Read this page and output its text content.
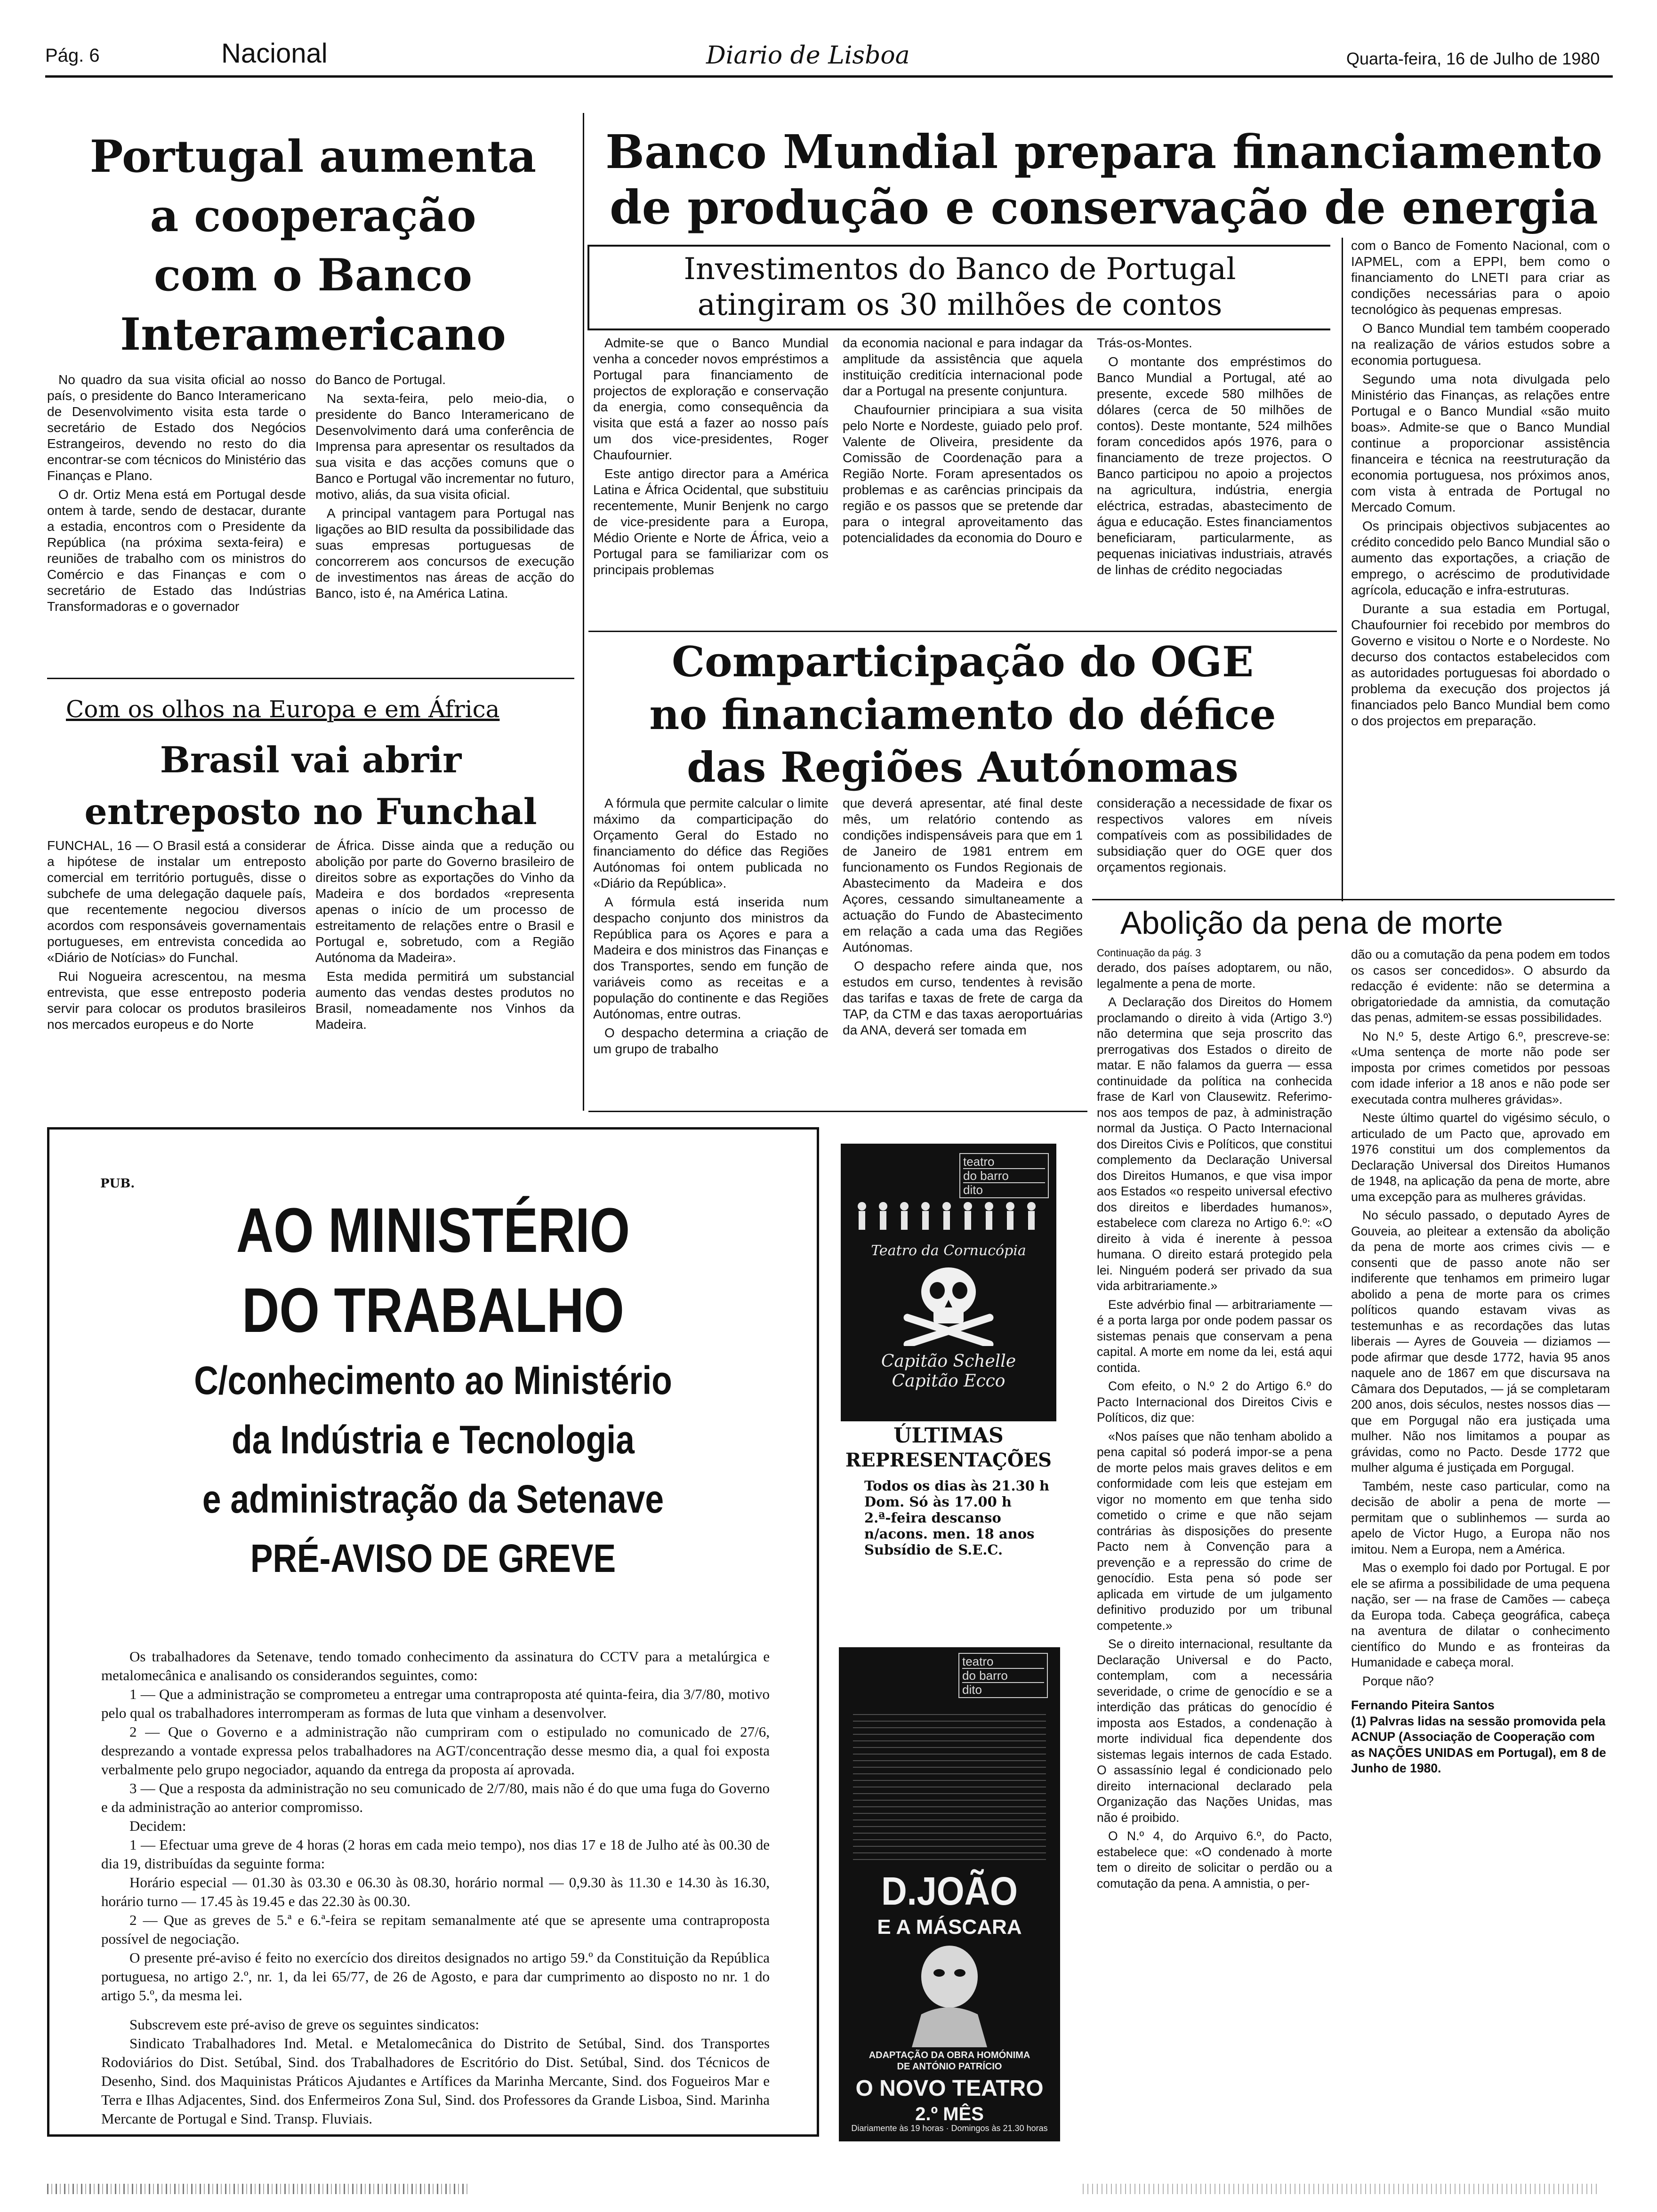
Pág. 6	Nacional	Diario de Lisboa	Quarta-feira, 16 de Julho de 1980
Portugal aumenta
a cooperação
com o Banco
Interamericano

No quadro da sua visita oficial ao nosso país, o presidente do Banco Interamericano de Desenvolvimento visita esta tarde o secretário de Estado dos Negócios Estrangeiros, devendo no resto do dia encontrar-se com técnicos do Ministério das Finanças e Plano.

O dr. Ortiz Mena está em Portugal desde ontem à tarde, sendo de destacar, durante a estadia, encontros com o Presidente da República (na próxima sexta-feira) e reuniões de trabalho com os ministros do Comércio e das Finanças e com o secretário de Estado das Indústrias Transformadoras e o governador

do Banco de Portugal.

Na sexta-feira, pelo meio-dia, o presidente do Banco Interamericano de Desenvolvimento dará uma conferência de Imprensa para apresentar os resultados da sua visita e das acções comuns que o Banco e Portugal vão incrementar no futuro, motivo, aliás, da sua visita oficial.

A principal vantagem para Portugal nas ligações ao BID resulta da possibilidade das suas empresas portuguesas de concorrerem aos concursos de execução de investimentos nas áreas de acção do Banco, isto é, na América Latina.

Com os olhos na Europa e em África
Brasil vai abrir
entreposto no Funchal

FUNCHAL, 16 — O Brasil está a considerar a hipótese de instalar um entreposto comercial em território português, disse o subchefe de uma delegação daquele país, que recentemente negociou diversos acordos com responsáveis governamentais portugueses, em entrevista concedida ao «Diário de Notícias» do Funchal.

Rui Nogueira acrescentou, na mesma entrevista, que esse entreposto poderia servir para colocar os produtos brasileiros nos mercados europeus e do Norte

de África. Disse ainda que a redução ou abolição por parte do Governo brasileiro de direitos sobre as exportações do Vinho da Madeira e dos bordados «representa apenas o início de um processo de estreitamento de relações entre o Brasil e Portugal e, sobretudo, com a Região Autónoma da Madeira».

Esta medida permitirá um substancial aumento das vendas destes produtos no Brasil, nomeadamente nos Vinhos da Madeira.

Banco Mundial prepara financiamento
de produção e conservação de energia
Investimentos do Banco de Portugal
atingiram os 30 milhões de contos

Admite-se que o Banco Mundial venha a conceder novos empréstimos a Portugal para financiamento de projectos de exploração e conservação da energia, como consequência da visita que está a fazer ao nosso país um dos vice-presidentes, Roger Chaufournier.

Este antigo director para a América Latina e África Ocidental, que substituiu recentemente, Munir Benjenk no cargo de vice-presidente para a Europa, Médio Oriente e Norte de África, veio a Portugal para se familiarizar com os principais problemas

da economia nacional e para indagar da amplitude da assistência que aquela instituição creditícia internacional pode dar a Portugal na presente conjuntura.

Chaufournier principiara a sua visita pelo Norte e Nordeste, guiado pelo prof. Valente de Oliveira, presidente da Comissão de Coordenação para a Região Norte. Foram apresentados os problemas e as carências principais da região e os passos que se pretende dar para o integral aproveitamento das potencialidades da economia do Douro e

Trás-os-Montes.

O montante dos empréstimos do Banco Mundial a Portugal, até ao presente, excede 580 milhões de dólares (cerca de 50 milhões de contos). Deste montante, 524 milhões foram concedidos após 1976, para o financiamento de treze projectos. O Banco participou no apoio a projectos na agricultura, indústria, energia eléctrica, estradas, abastecimento de água e educação. Estes financiamentos beneficiaram, particularmente, as pequenas iniciativas industriais, através de linhas de crédito negociadas

com o Banco de Fomento Nacional, com o IAPMEL, com a EPPI, bem como o financiamento do LNETI para criar as condições necessárias para o apoio tecnológico às pequenas empresas.

O Banco Mundial tem também cooperado na realização de vários estudos sobre a economia portuguesa.

Segundo uma nota divulgada pelo Ministério das Finanças, as relações entre Portugal e o Banco Mundial «são muito boas». Admite-se que o Banco Mundial continue a proporcionar assistência financeira e técnica na reestruturação da economia portuguesa, nos próximos anos, com vista à entrada de Portugal no Mercado Comum.

Os principais objectivos subjacentes ao crédito concedido pelo Banco Mundial são o aumento das exportações, a criação de emprego, o acréscimo de produtividade agrícola, educação e infra-estruturas.

Durante a sua estadia em Portugal, Chaufournier foi recebido por membros do Governo e visitou o Norte e o Nordeste. No decurso dos contactos estabelecidos com as autoridades portuguesas foi abordado o problema da execução dos projectos já financiados pelo Banco Mundial bem como o dos projectos em preparação.

Comparticipação do OGE
no financiamento do défice
das Regiões Autónomas

A fórmula que permite calcular o limite máximo da comparticipação do Orçamento Geral do Estado no financiamento do défice das Regiões Autónomas foi ontem publicada no «Diário da República».

A fórmula está inserida num despacho conjunto dos ministros da República para os Açores e para a Madeira e dos ministros das Finanças e dos Transportes, sendo em função de variáveis como as receitas e a população do continente e das Regiões Autónomas, entre outras.

O despacho determina a criação de um grupo de trabalho

que deverá apresentar, até final deste mês, um relatório contendo as condições indispensáveis para que em 1 de Janeiro de 1981 entrem em funcionamento os Fundos Regionais de Abastecimento da Madeira e dos Açores, cessando simultaneamente a actuação do Fundo de Abastecimento em relação a cada uma das Regiões Autónomas.

O despacho refere ainda que, nos estudos em curso, tendentes à revisão das tarifas e taxas de frete de carga da TAP, da CTM e das taxas aeroportuárias da ANA, deverá ser tomada em

consideração a necessidade de fixar os respectivos valores em níveis compatíveis com as possibilidades de subsidiação quer do OGE quer dos orçamentos regionais.

Abolição da pena de morte
Continuação da pág. 3

derado, dos países adoptarem, ou não, legalmente a pena de morte.

A Declaração dos Direitos do Homem proclamando o direito à vida (Artigo 3.º) não determina que seja proscrito das prerrogativas dos Estados o direito de matar. E não falamos da guerra — essa continuidade da política na conhecida frase de Karl von Clausewitz. Referimo-nos aos tempos de paz, à administração normal da Justiça. O Pacto Internacional dos Direitos Civis e Políticos, que constitui complemento da Declaração Universal dos Direitos Humanos, e que visa impor aos Estados «o respeito universal efectivo dos direitos e liberdades humanos», estabelece com clareza no Artigo 6.º: «O direito à vida é inerente à pessoa humana. O direito estará protegido pela lei. Ninguém poderá ser privado da sua vida arbitrariamente.»

Este advérbio final — arbitrariamente — é a porta larga por onde podem passar os sistemas penais que conservam a pena capital. A morte em nome da lei, está aqui contida.

Com efeito, o N.º 2 do Artigo 6.º do Pacto Internacional dos Direitos Civis e Políticos, diz que:

«Nos países que não tenham abolido a pena capital só poderá impor-se a pena de morte pelos mais graves delitos e em conformidade com leis que estejam em vigor no momento em que tenha sido cometido o crime e que não sejam contrárias às disposições do presente Pacto nem à Convenção para a prevenção e a repressão do crime de genocídio. Esta pena só pode ser aplicada em virtude de um julgamento definitivo produzido por um tribunal competente.»

Se o direito internacional, resultante da Declaração Universal e do Pacto, contemplam, com a necessária severidade, o crime de genocídio e se a interdição das práticas do genocídio é imposta aos Estados, a condenação à morte individual fica dependente dos sistemas legais internos de cada Estado. O assassínio legal é condicionado pelo direito internacional declarado pela Organização das Nações Unidas, mas não é proibido.

O N.º 4, do Arquivo 6.º, do Pacto, estabelece que: «O condenado à morte tem o direito de solicitar o perdão ou a comutação da pena. A amnistia, o per-

dão ou a comutação da pena podem em todos os casos ser concedidos». O absurdo da redacção é evidente: não se determina a obrigatoriedade da amnistia, da comutação das penas, admitem-se essas possibilidades.

No N.º 5, deste Artigo 6.º, prescreve-se: «Uma sentença de morte não pode ser imposta por crimes cometidos por pessoas com idade inferior a 18 anos e não pode ser executada contra mulheres grávidas».

Neste último quartel do vigésimo século, o articulado de um Pacto que, aprovado em 1976 constitui um dos complementos da Declaração Universal dos Direitos Humanos de 1948, na aplicação da pena de morte, abre uma excepção para as mulheres grávidas.

No século passado, o deputado Ayres de Gouveia, ao pleitear a extensão da abolição da pena de morte aos crimes civis — e consenti que de passo anote não ser indiferente que tenhamos em primeiro lugar abolido a pena de morte para os crimes políticos quando estavam vivas as testemunhas e as recordações das lutas liberais — Ayres de Gouveia — diziamos — pode afirmar que desde 1772, havia 95 anos naquele ano de 1867 em que discursava na Câmara dos Deputados, — já se completaram 200 anos, dois séculos, nestes nossos dias — que em Porgugal não era justiçada uma mulher. Não nos limitamos a poupar as grávidas, como no Pacto. Desde 1772 que mulher alguma é justiçada em Porgugal.

Também, neste caso particular, como na decisão de abolir a pena de morte — permitam que o sublinhemos — surda ao apelo de Victor Hugo, a Europa não nos imitou. Nem a Europa, nem a América.

Mas o exemplo foi dado por Portugal. E por ele se afirma a possibilidade de uma pequena nação, ser — na frase de Camões — cabeça da Europa toda. Cabeça geográfica, cabeça na aventura de dilatar o conhecimento científico do Mundo e as fronteiras da Humanidade e cabeça moral.

Porque não?

Fernando Piteira Santos
(1) Palvras lidas na sessão promovida pela ACNUP (Associação de Cooperação com as NAÇÕES UNIDAS em Portugal), em 8 de Junho de 1980.
PUB.
AO MINISTÉRIO
DO TRABALHO
C/conhecimento ao Ministério
da Indústria e Tecnologia
e administração da Setenave
PRÉ-AVISO DE GREVE

Os trabalhadores da Setenave, tendo tomado conhecimento da assinatura do CCTV para a metalúrgica e metalomecânica e analisando os considerandos seguintes, como:

1 — Que a administração se comprometeu a entregar uma contraproposta até quinta-feira, dia 3/7/80, motivo pelo qual os trabalhadores interromperam as formas de luta que vinham a desenvolver.

2 — Que o Governo e a administração não cumpriram com o estipulado no comunicado de 27/6, desprezando a vontade expressa pelos trabalhadores na AGT/concentração desse mesmo dia, a qual foi exposta verbalmente pelo grupo negociador, aquando da entrega da proposta aí aprovada.

3 — Que a resposta da administração no seu comunicado de 2/7/80, mais não é do que uma fuga do Governo e da administração ao anterior compromisso.

Decidem:

1 — Efectuar uma greve de 4 horas (2 horas em cada meio tempo), nos dias 17 e 18 de Julho até às 00.30 de dia 19, distribuídas da seguinte forma:

Horário especial — 01.30 às 03.30 e 06.30 às 08.30, horário normal — 0,9.30 às 11.30 e 14.30 às 16.30, horário turno — 17.45 às 19.45 e das 22.30 às 00.30.

2 — Que as greves de 5.ª e 6.ª-feira se repitam semanalmente até que se apresente uma contraproposta possível de negociação.

O presente pré-aviso é feito no exercício dos direitos designados no artigo 59.º da Constituição da República portuguesa, no artigo 2.º, nr. 1, da lei 65/77, de 26 de Agosto, e para dar cumprimento ao disposto no nr. 1 do artigo 5.º, da mesma lei.

Subscrevem este pré-aviso de greve os seguintes sindicatos:

Sindicato Trabalhadores Ind. Metal. e Metalomecânica do Distrito de Setúbal, Sind. dos Transportes Rodoviários do Dist. Setúbal, Sind. dos Trabalhadores de Escritório do Dist. Setúbal, Sind. dos Técnicos de Desenho, Sind. dos Maquinistas Práticos Ajudantes e Artífices da Marinha Mercante, Sind. dos Fogueiros Mar e Terra e Ilhas Adjacentes, Sind. dos Enfermeiros Zona Sul, Sind. dos Professores da Grande Lisboa, Sind. Marinha Mercante de Portugal e Sind. Transp. Fluviais.

teatro
do barro
dito
Teatro da Cornucópia
Capitão Schelle
Capitão Ecco
ÚLTIMAS
REPRESENTAÇÕES
Todos os dias às 21.30 h
Dom. Só às 17.00 h
2.ª-feira descanso
n/acons. men. 18 anos
Subsídio de S.E.C.
teatro
do barro
dito
D.JOÃO
E A MÁSCARA
ADAPTAÇÃO DA OBRA HOMÓNIMA DE ANTÓNIO PATRÍCIO
O NOVO TEATRO
2.º MÊS
Diariamente às 19 horas · Domingos às 21.30 horas
